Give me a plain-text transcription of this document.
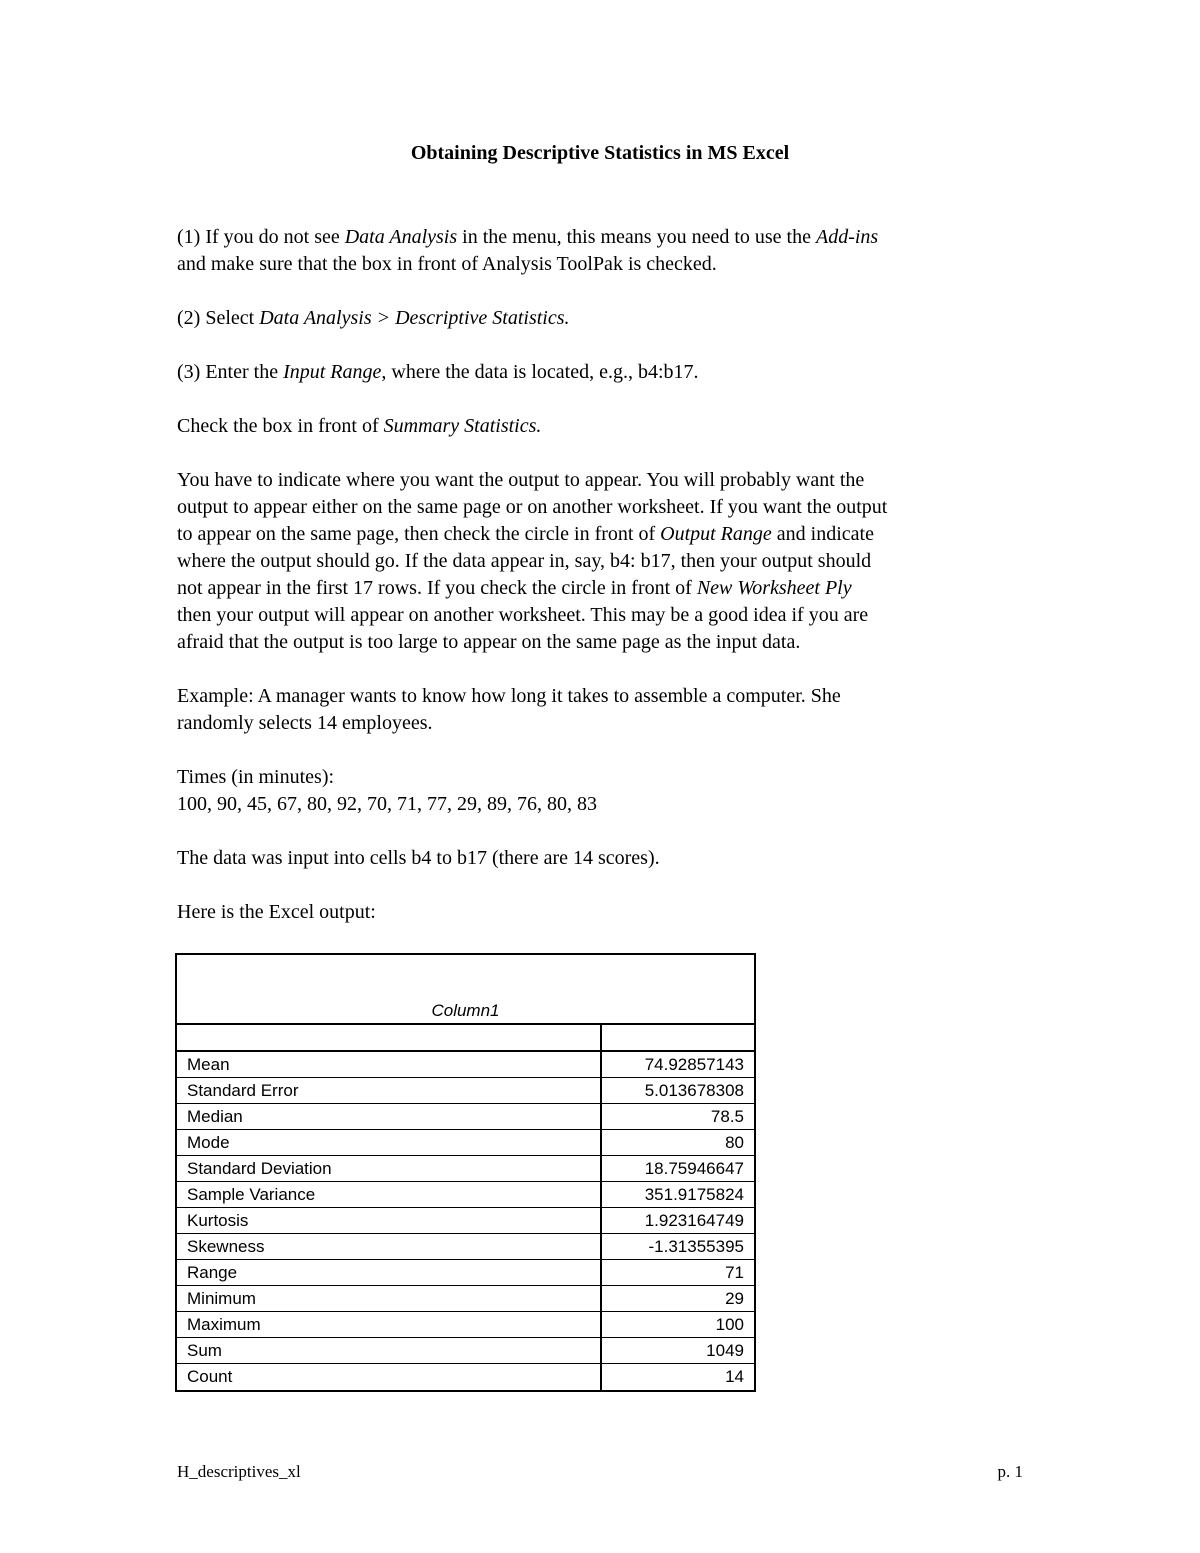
Obtaining Descriptive Statistics in MS Excel

(1) If you do not see Data Analysis in the menu, this means you need to use the Add-ins

and make sure that the box in front of Analysis ToolPak is checked.

(2) Select Data Analysis > Descriptive Statistics.

(3) Enter the Input Range, where the data is located, e.g., b4:b17.

Check the box in front of Summary Statistics.

You have to indicate where you want the output to appear. You will probably want the

output to appear either on the same page or on another worksheet. If you want the output

to appear on the same page, then check the circle in front of Output Range and indicate

where the output should go. If the data appear in, say, b4: b17, then your output should

not appear in the first 17 rows. If you check the circle in front of New Worksheet Ply

then your output will appear on another worksheet. This may be a good idea if you are

afraid that the output is too large to appear on the same page as the input data.

Example: A manager wants to know how long it takes to assemble a computer. She

randomly selects 14 employees.

Times (in minutes):

100, 90, 45, 67, 80, 92, 70, 71, 77, 29, 89, 76, 80, 83

The data was input into cells b4 to b17 (there are 14 scores).

Here is the Excel output:

Column1
Mean	74.92857143
Standard Error	5.013678308
Median	78.5
Mode	80
Standard Deviation	18.75946647
Sample Variance	351.9175824
Kurtosis	1.923164749
Skewness	-1.31355395
Range	71
Minimum	29
Maximum	100
Sum	1049
Count	14
H_descriptives_xl	p. 1
